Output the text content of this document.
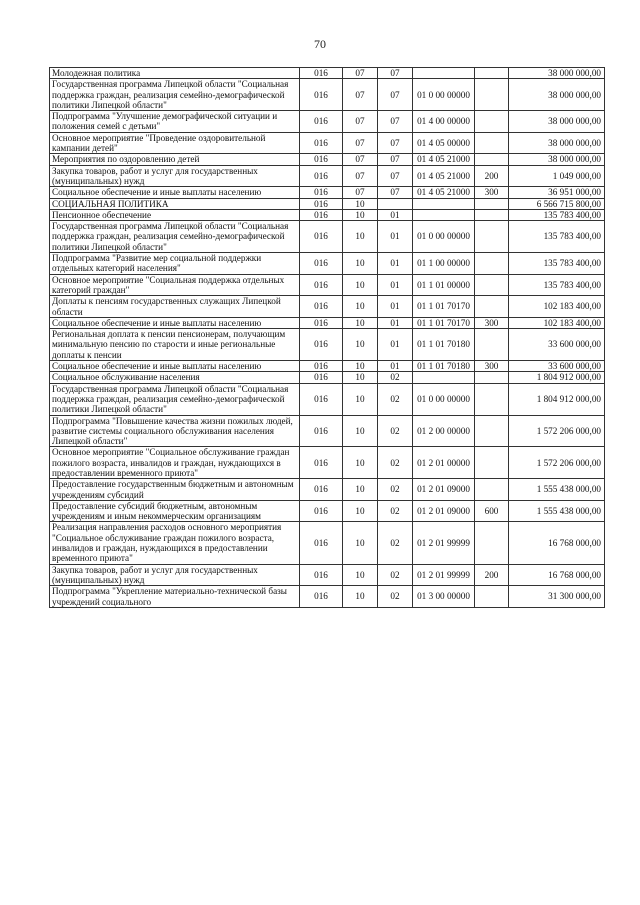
70
Молодежная политика	016	07	07			38 000 000,00
Государственная программа Липецкой области "Социальная поддержка граждан, реализация семейно-демографической политики Липецкой области"	016	07	07	01 0 00 00000		38 000 000,00
Подпрограмма "Улучшение демографической ситуации и положения семей с детьми"	016	07	07	01 4 00 00000		38 000 000,00
Основное мероприятие "Проведение оздоровительной кампании детей"	016	07	07	01 4 05 00000		38 000 000,00
Мероприятия по оздоровлению детей	016	07	07	01 4 05 21000		38 000 000,00
Закупка товаров, работ и услуг для государственных (муниципальных) нужд	016	07	07	01 4 05 21000	200	1 049 000,00
Социальное обеспечение и иные выплаты населению	016	07	07	01 4 05 21000	300	36 951 000,00
СОЦИАЛЬНАЯ ПОЛИТИКА	016	10				6 566 715 800,00
Пенсионное обеспечение	016	10	01			135 783 400,00
Государственная программа Липецкой области "Социальная поддержка граждан, реализация семейно-демографической политики Липецкой области"	016	10	01	01 0 00 00000		135 783 400,00
Подпрограмма "Развитие мер социальной поддержки отдельных категорий населения"	016	10	01	01 1 00 00000		135 783 400,00
Основное мероприятие "Социальная поддержка отдельных категорий граждан"	016	10	01	01 1 01 00000		135 783 400,00
Доплаты к пенсиям государственных служащих Липецкой области	016	10	01	01 1 01 70170		102 183 400,00
Социальное обеспечение и иные выплаты населению	016	10	01	01 1 01 70170	300	102 183 400,00
Региональная доплата к пенсии пенсионерам, получающим минимальную пенсию по старости и иные региональные доплаты к пенсии	016	10	01	01 1 01 70180		33 600 000,00
Социальное обеспечение и иные выплаты населению	016	10	01	01 1 01 70180	300	33 600 000,00
Социальное обслуживание населения	016	10	02			1 804 912 000,00
Государственная программа Липецкой области "Социальная поддержка граждан, реализация семейно-демографической политики Липецкой области"	016	10	02	01 0 00 00000		1 804 912 000,00
Подпрограмма "Повышение качества жизни пожилых людей, развитие системы социального обслуживания населения Липецкой области"	016	10	02	01 2 00 00000		1 572 206 000,00
Основное мероприятие "Социальное обслуживание граждан пожилого возраста, инвалидов и граждан, нуждающихся в предоставлении временного приюта"	016	10	02	01 2 01 00000		1 572 206 000,00
Предоставление государственным бюджетным и автономным учреждениям субсидий	016	10	02	01 2 01 09000		1 555 438 000,00
Предоставление субсидий бюджетным, автономным учреждениям и иным некоммерческим организациям	016	10	02	01 2 01 09000	600	1 555 438 000,00
Реализация направления расходов основного мероприятия "Социальное обслуживание граждан пожилого возраста, инвалидов и граждан, нуждающихся в предоставлении временного приюта"	016	10	02	01 2 01 99999		16 768 000,00
Закупка товаров, работ и услуг для государственных (муниципальных) нужд	016	10	02	01 2 01 99999	200	16 768 000,00
Подпрограмма "Укрепление материально-технической базы учреждений социального	016	10	02	01 3 00 00000		31 300 000,00
